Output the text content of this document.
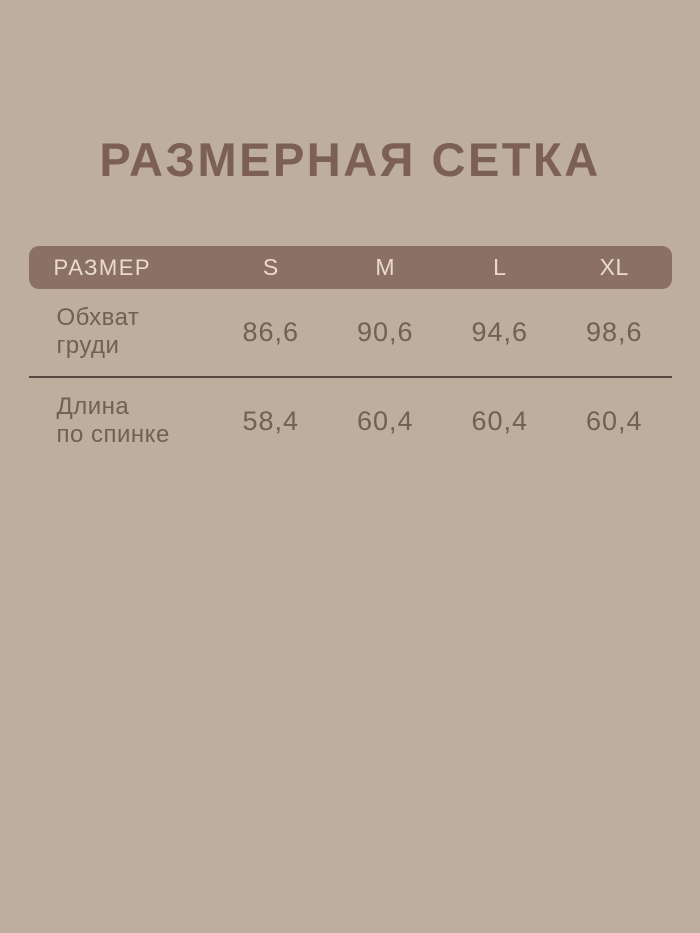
РАЗМЕРНАЯ СЕТКА
РАЗМЕР	S	M	L	XL
Обхват
груди	86,6	90,6	94,6	98,6
Длина
по спинке	58,4	60,4	60,4	60,4
